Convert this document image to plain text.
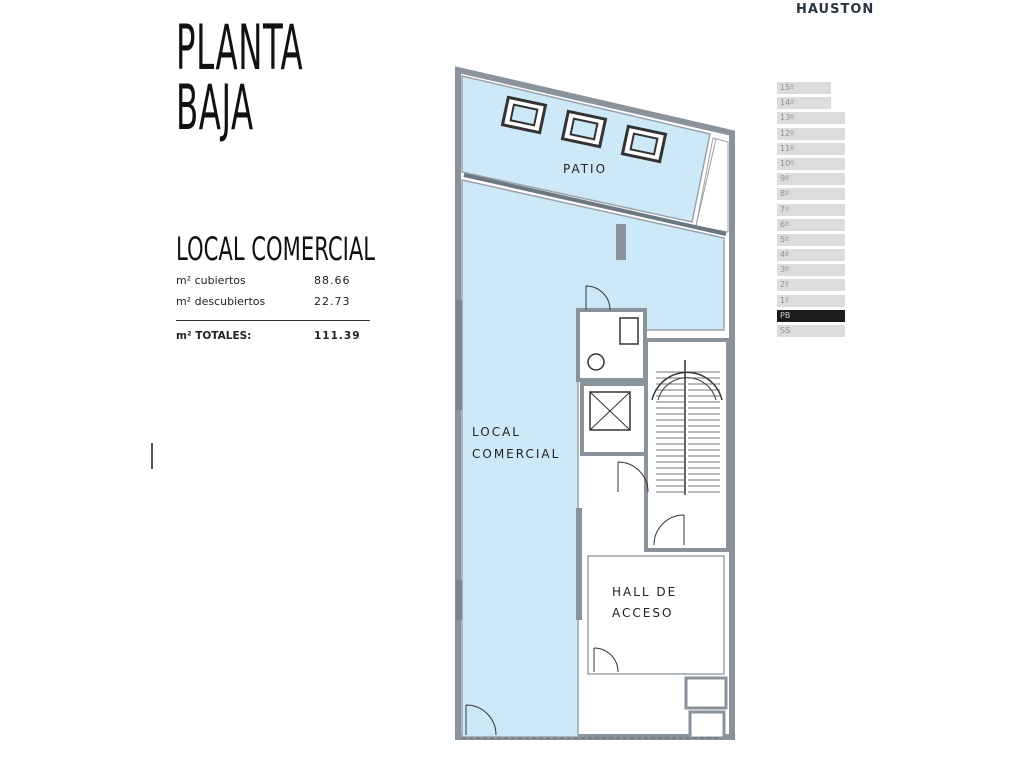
HAUSTON
PLANTA
BAJA
LOCAL COMERCIAL
m² cubiertos	88.66
m² descubiertos	22.73
m² TOTALES:	111.39
PATIO
LOCAL
COMERCIAL
HALL DE
ACCESO
15º
14º
13º
12º
11º
10º
9º
8º
7º
6º
5º
4º
3º
2º
1º
PB
SS
